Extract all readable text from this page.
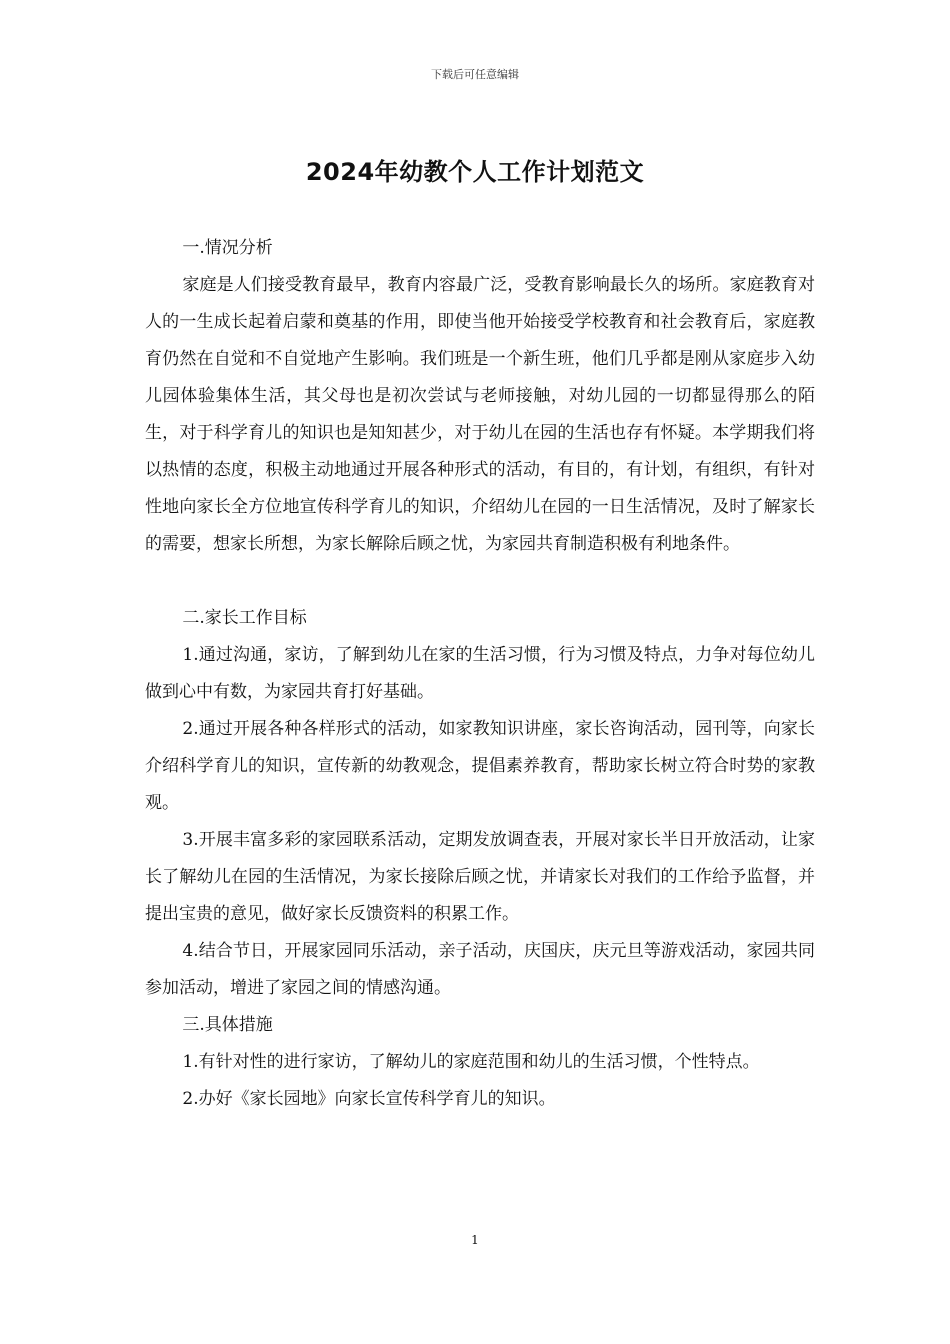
下载后可任意编辑
2024年幼教个人工作计划范文

一.情况分析

家庭是人们接受教育最早，教育内容最广泛，受教育影响最长久的场所。家庭教育对人的一生成长起着启蒙和奠基的作用，即使当他开始接受学校教育和社会教育后，家庭教育仍然在自觉和不自觉地产生影响。我们班是一个新生班，他们几乎都是刚从家庭步入幼儿园体验集体生活，其父母也是初次尝试与老师接触，对幼儿园的一切都显得那么的陌生，对于科学育儿的知识也是知知甚少，对于幼儿在园的生活也存有怀疑。本学期我们将以热情的态度，积极主动地通过开展各种形式的活动，有目的，有计划，有组织，有针对性地向家长全方位地宣传科学育儿的知识，介绍幼儿在园的一日生活情况，及时了解家长的需要，想家长所想，为家长解除后顾之忧，为家园共育制造积极有利地条件。

二.家长工作目标

1.通过沟通，家访，了解到幼儿在家的生活习惯，行为习惯及特点，力争对每位幼儿做到心中有数，为家园共育打好基础。

2.通过开展各种各样形式的活动，如家教知识讲座，家长咨询活动，园刊等，向家长介绍科学育儿的知识，宣传新的幼教观念，提倡素养教育，帮助家长树立符合时势的家教观。

3.开展丰富多彩的家园联系活动，定期发放调查表，开展对家长半日开放活动，让家长了解幼儿在园的生活情况，为家长接除后顾之忧，并请家长对我们的工作给予监督，并提出宝贵的意见，做好家长反馈资料的积累工作。

4.结合节日，开展家园同乐活动，亲子活动，庆国庆，庆元旦等游戏活动，家园共同参加活动，增进了家园之间的情感沟通。

三.具体措施

1.有针对性的进行家访，了解幼儿的家庭范围和幼儿的生活习惯，个性特点。

2.办好《家长园地》向家长宣传科学育儿的知识。

1
